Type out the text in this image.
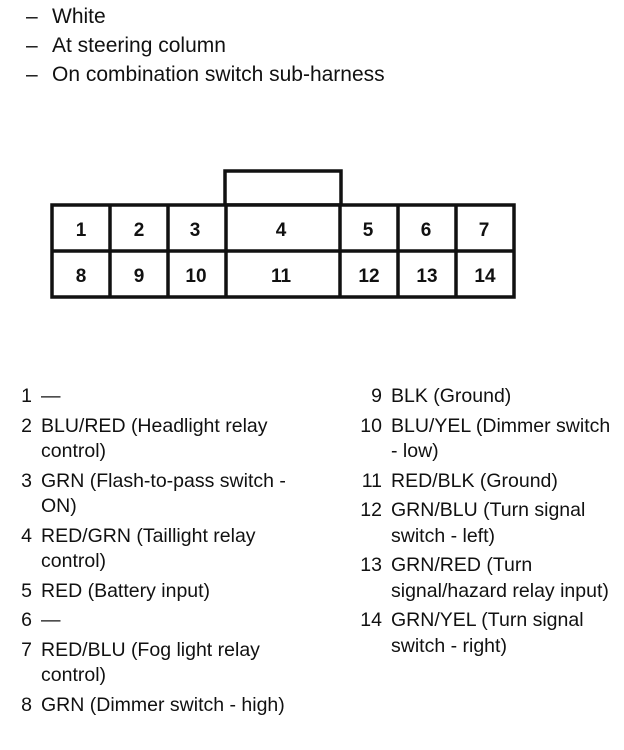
– White
– At steering column
– On combination switch sub-harness
1 2 3	4	5 6 7
8 9 10	11	12 13 14
1 —
2 BLU/RED (Headlight relay control)
3 GRN (Flash-to-pass switch - ON)
4 RED/GRN (Taillight relay control)
5 RED (Battery input)
6 —
7 RED/BLU (Fog light relay control)
8 GRN (Dimmer switch - high)
9 BLK (Ground)
10 BLU/YEL (Dimmer switch - low)
11 RED/BLK (Ground)
12 GRN/BLU (Turn signal switch - left)
13 GRN/RED (Turn signal/hazard relay input)
14 GRN/YEL (Turn signal switch - right)
